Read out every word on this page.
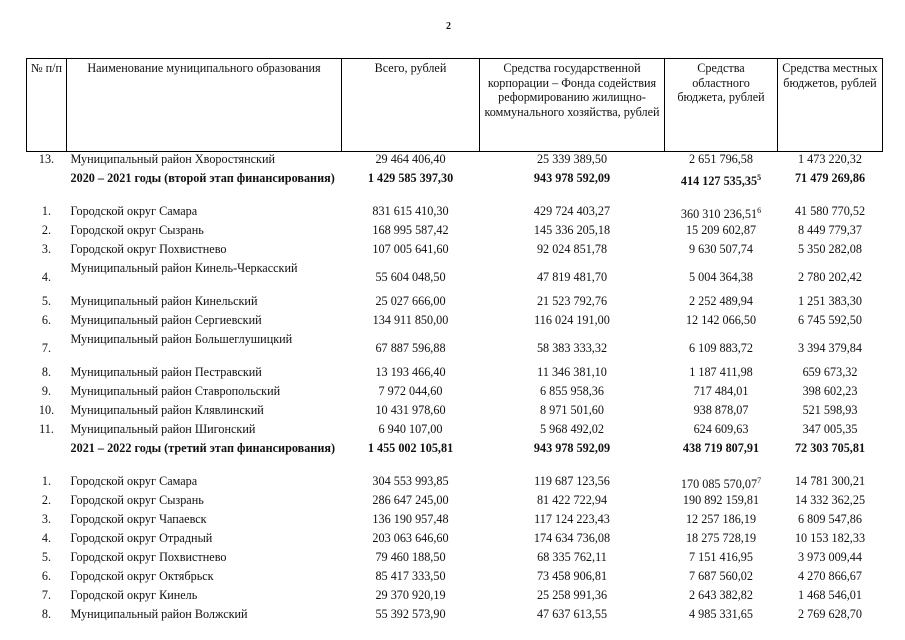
2
№ п/п	Наименование муниципального образования	Всего, рублей	Средства государственной корпорации – Фонда содействия реформированию жилищно-коммунального хозяйства, рублей	Средства областного бюджета, рублей	Средства местных бюджетов, рублей
13.	Муниципальный район Хворостянский	29 464 406,40	25 339 389,50	2 651 796,58	1 473 220,32
	2020 – 2021 годы (второй этап финансирования)	1 429 585 397,30	943 978 592,09	414 127 535,35$^5$	71 479 269,86
1.	Городской округ Самара	831 615 410,30	429 724 403,27	360 310 236,51$^6$	41 580 770,52
2.	Городской округ Сызрань	168 995 587,42	145 336 205,18	15 209 602,87	8 449 779,37
3.	Городской округ Похвистнево	107 005 641,60	92 024 851,78	9 630 507,74	5 350 282,08
4.	Муниципальный район Кинель-Черкасский	55 604 048,50	47 819 481,70	5 004 364,38	2 780 202,42
5.	Муниципальный район Кинельский	25 027 666,00	21 523 792,76	2 252 489,94	1 251 383,30
6.	Муниципальный район Сергиевский	134 911 850,00	116 024 191,00	12 142 066,50	6 745 592,50
7.	Муниципальный район Большеглушицкий	67 887 596,88	58 383 333,32	6 109 883,72	3 394 379,84
8.	Муниципальный район Пестравский	13 193 466,40	11 346 381,10	1 187 411,98	659 673,32
9.	Муниципальный район Ставропольский	7 972 044,60	6 855 958,36	717 484,01	398 602,23
10.	Муниципальный район Клявлинский	10 431 978,60	8 971 501,60	938 878,07	521 598,93
11.	Муниципальный район Шигонский	6 940 107,00	5 968 492,02	624 609,63	347 005,35
	2021 – 2022 годы (третий этап финансирования)	1 455 002 105,81	943 978 592,09	438 719 807,91	72 303 705,81
1.	Городской округ Самара	304 553 993,85	119 687 123,56	170 085 570,07$^7$	14 781 300,21
2.	Городской округ Сызрань	286 647 245,00	81 422 722,94	190 892 159,81	14 332 362,25
3.	Городской округ Чапаевск	136 190 957,48	117 124 223,43	12 257 186,19	6 809 547,86
4.	Городской округ Отрадный	203 063 646,60	174 634 736,08	18 275 728,19	10 153 182,33
5.	Городской округ Похвистнево	79 460 188,50	68 335 762,11	7 151 416,95	3 973 009,44
6.	Городской округ Октябрьск	85 417 333,50	73 458 906,81	7 687 560,02	4 270 866,67
7.	Городской округ Кинель	29 370 920,19	25 258 991,36	2 643 382,82	1 468 546,01
8.	Муниципальный район Волжский	55 392 573,90	47 637 613,55	4 985 331,65	2 769 628,70
